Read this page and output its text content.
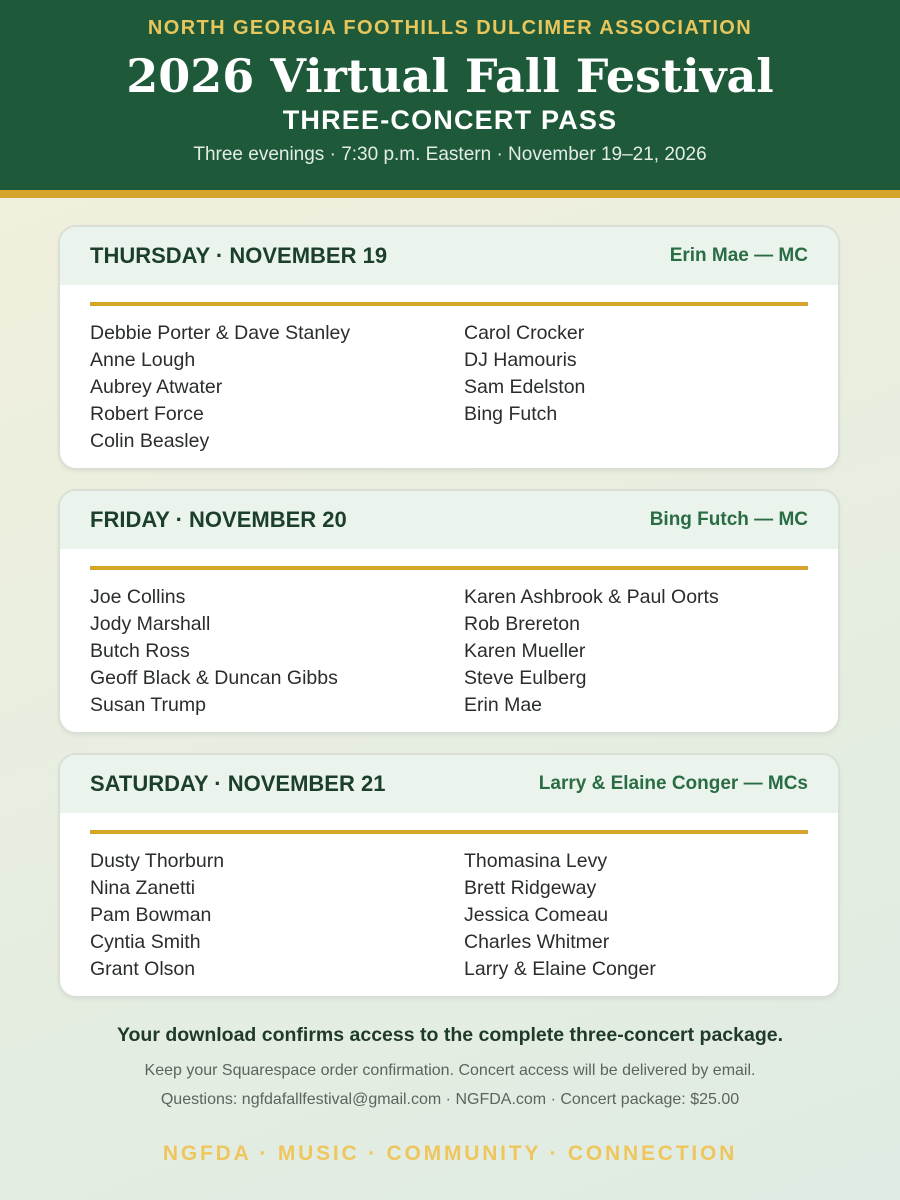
NORTH GEORGIA FOOTHILLS DULCIMER ASSOCIATION
2026 Virtual Fall Festival
THREE-CONCERT PASS
Three evenings · 7:30 p.m. Eastern · November 19–21, 2026
THURSDAY · NOVEMBER 19	Erin Mae — MC
Debbie Porter & Dave Stanley
Anne Lough
Aubrey Atwater
Robert Force
Colin Beasley
Carol Crocker
DJ Hamouris
Sam Edelston
Bing Futch
FRIDAY · NOVEMBER 20	Bing Futch — MC
Joe Collins
Jody Marshall
Butch Ross
Geoff Black & Duncan Gibbs
Susan Trump
Karen Ashbrook & Paul Oorts
Rob Brereton
Karen Mueller
Steve Eulberg
Erin Mae
SATURDAY · NOVEMBER 21	Larry & Elaine Conger — MCs
Dusty Thorburn
Nina Zanetti
Pam Bowman
Cyntia Smith
Grant Olson
Thomasina Levy
Brett Ridgeway
Jessica Comeau
Charles Whitmer
Larry & Elaine Conger
Your download confirms access to the complete three-concert package.
Keep your Squarespace order confirmation. Concert access will be delivered by email.
Questions: ngfdafallfestival@gmail.com · NGFDA.com · Concert package: $25.00
NGFDA · MUSIC · COMMUNITY · CONNECTION
